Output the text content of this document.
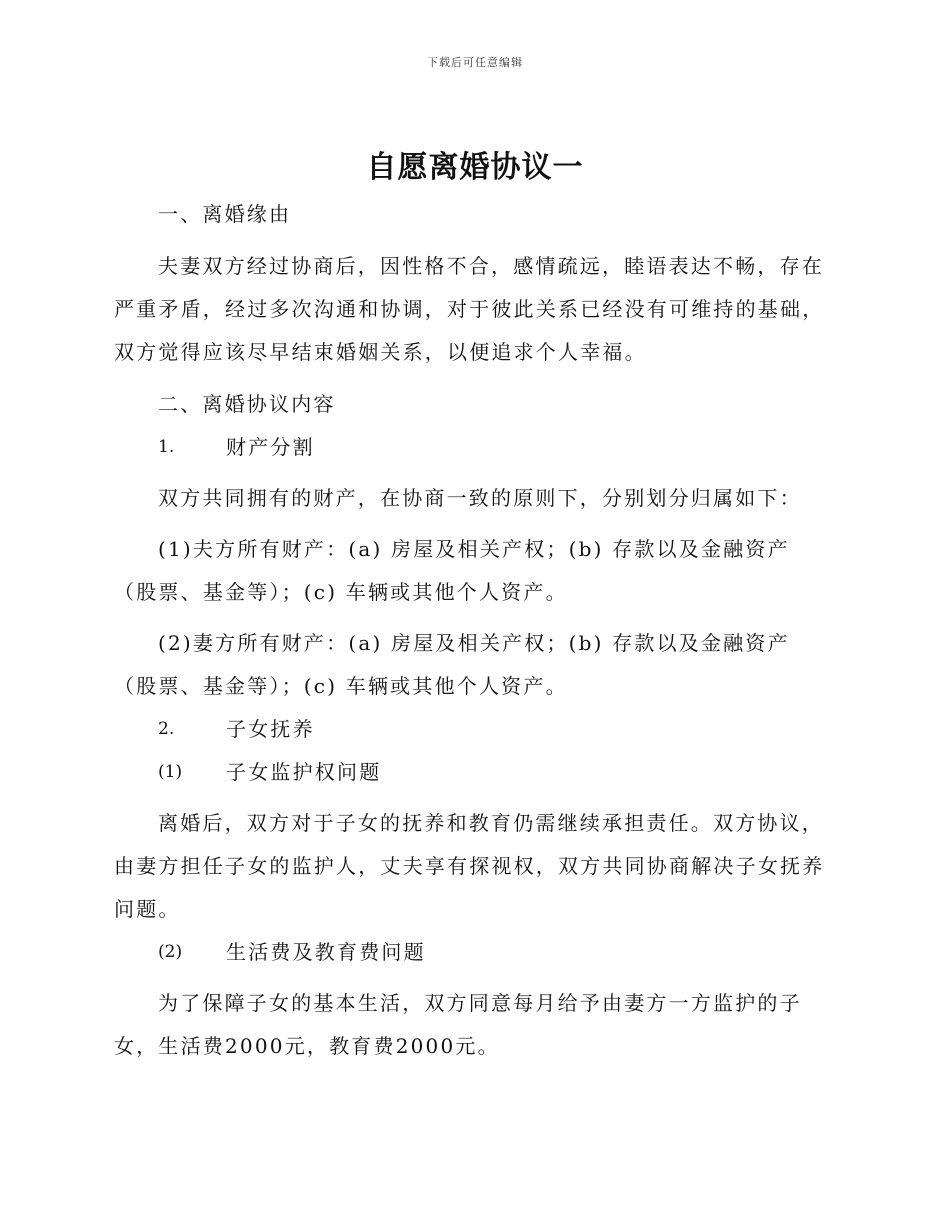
下载后可任意编辑
自愿离婚协议一

一、离婚缘由

夫妻双方经过协商后，因性格不合，感情疏远，睦语表达不畅，存在严重矛盾，经过多次沟通和协调，对于彼此关系已经没有可维持的基础，双方觉得应该尽早结束婚姻关系，以便追求个人幸福。

二、离婚协议内容

1.	财产分割

双方共同拥有的财产，在协商一致的原则下，分别划分归属如下：

(1)夫方所有财产：(a) 房屋及相关产权；(b) 存款以及金融资产（股票、基金等）；(c) 车辆或其他个人资产。

(2)妻方所有财产：(a) 房屋及相关产权；(b) 存款以及金融资产（股票、基金等）；(c) 车辆或其他个人资产。

2.	子女抚养
(1)	子女监护权问题

离婚后，双方对于子女的抚养和教育仍需继续承担责任。双方协议，由妻方担任子女的监护人，丈夫享有探视权，双方共同协商解决子女抚养问题。

(2)	生活费及教育费问题

为了保障子女的基本生活，双方同意每月给予由妻方一方监护的子女，生活费2000元，教育费2000元。
